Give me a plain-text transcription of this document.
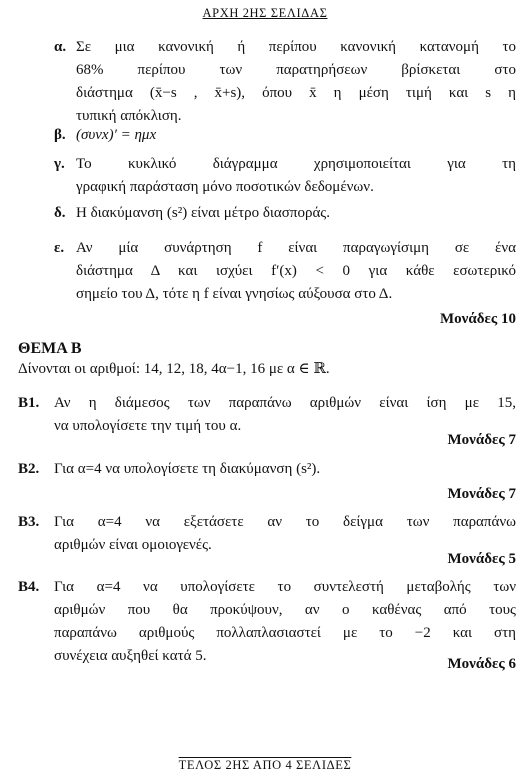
ΑΡΧΗ 2ΗΣ ΣΕΛΙΔΑΣ
α. Σε μια κανονική ή περίπου κανονική κατανομή το
68% περίπου των παρατηρήσεων βρίσκεται στο
διάστημα (x̄−s , x̄+s), όπου x̄ η μέση τιμή και s η
τυπική απόκλιση.
β. (συνx)′ = ημx
γ. Το κυκλικό διάγραμμα χρησιμοποιείται για τη
γραφική παράσταση μόνο ποσοτικών δεδομένων.
δ. Η διακύμανση (s²) είναι μέτρο διασποράς.
ε. Αν μία συνάρτηση f είναι παραγωγίσιμη σε ένα
διάστημα Δ και ισχύει f′(x) < 0 για κάθε εσωτερικό
σημείο του Δ, τότε η f είναι γνησίως αύξουσα στο Δ.
Μονάδες 10
ΘΕΜΑ Β
Δίνονται οι αριθμοί: 14, 12, 18, 4α−1, 16 με α ∈ ℝ.
Β1. Αν η διάμεσος των παραπάνω αριθμών είναι ίση με 15,
να υπολογίσετε την τιμή του α.
Μονάδες 7
Β2. Για α=4 να υπολογίσετε τη διακύμανση (s²).
Μονάδες 7
Β3. Για α=4 να εξετάσετε αν το δείγμα των παραπάνω
αριθμών είναι ομοιογενές.
Μονάδες 5
Β4. Για α=4 να υπολογίσετε το συντελεστή μεταβολής των
αριθμών που θα προκύψουν, αν ο καθένας από τους
παραπάνω αριθμούς πολλαπλασιαστεί με το −2 και στη
συνέχεια αυξηθεί κατά 5.	Μονάδες 6
ΤΕΛΟΣ 2ΗΣ ΑΠΟ 4 ΣΕΛΙΔΕΣ
